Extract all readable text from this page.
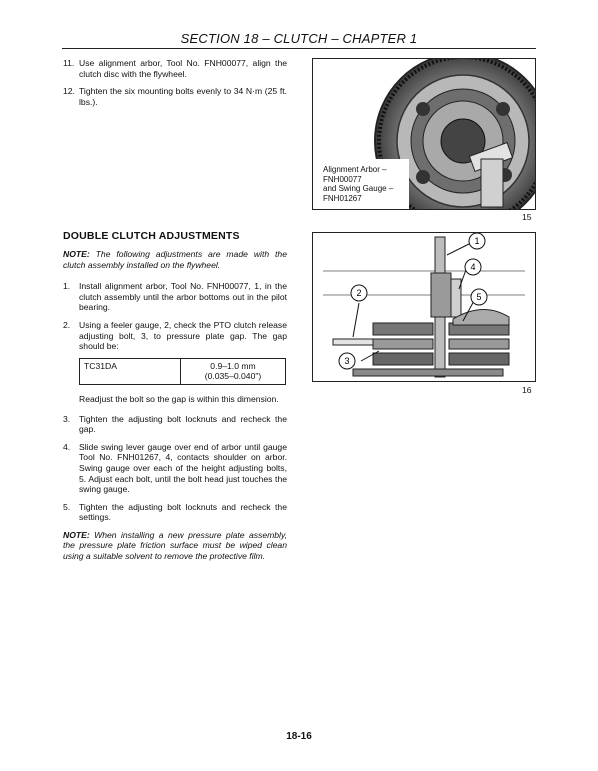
SECTION 18 – CLUTCH – CHAPTER 1
11. Use alignment arbor, Tool No. FNH00077, align the clutch disc with the flywheel.
12. Tighten the six mounting bolts evenly to 34 N·m (25 ft. lbs.).
Alignment Arbor –
FNH00077
and Swing Gauge –
FNH01267
15
DOUBLE CLUTCH ADJUSTMENTS
NOTE: The following adjustments are made with the clutch assembly installed on the flywheel.
1. Install alignment arbor, Tool No. FNH00077, 1, in the clutch assembly until the arbor bottoms out in the pilot bearing.
2. Using a feeler gauge, 2, check the PTO clutch release adjusting bolt, 3, to pressure plate gap. The gap should be:
TC31DA	0.9–1.0 mm
(0.035–0.040")
Readjust the bolt so the gap is within this dimension.
3. Tighten the adjusting bolt locknuts and recheck the gap.
4. Slide swing lever gauge over end of arbor until gauge Tool No. FNH01267, 4, contacts shoulder on arbor. Swing gauge over each of the height adjusting bolts, 5. Adjust each bolt, until the bolt head just touches the swing gauge.
5. Tighten the adjusting bolt locknuts and recheck the settings.
NOTE: When installing a new pressure plate assembly, the pressure plate friction surface must be wiped clean using a suitable solvent to remove the protective film.
1
4
5
2
3
16
18-16
